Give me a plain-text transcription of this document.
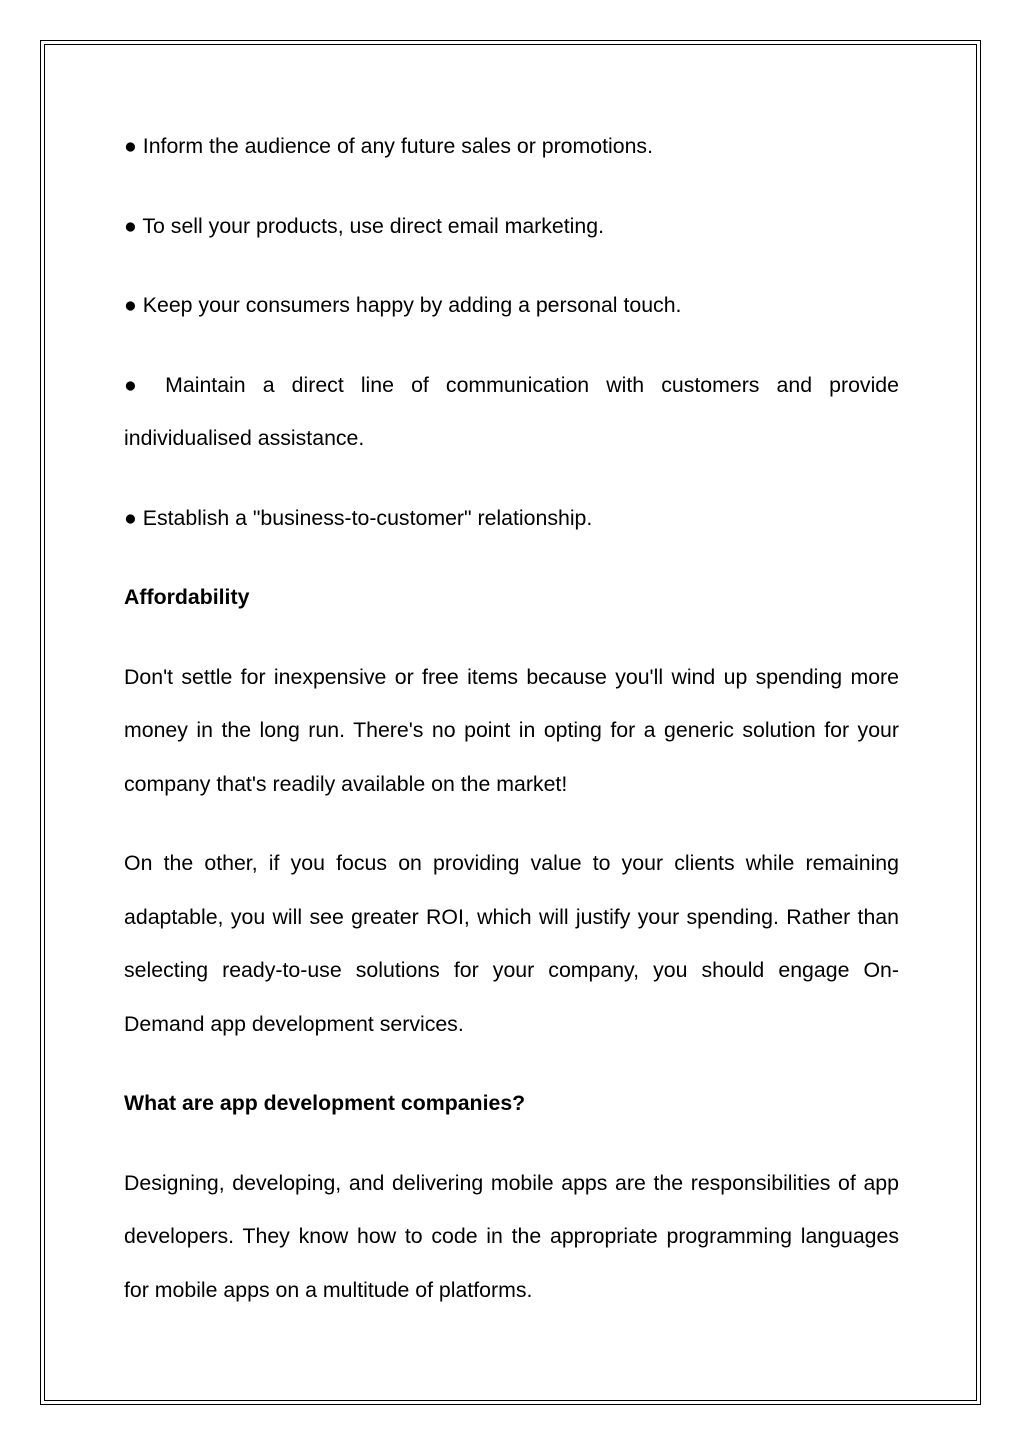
● Inform the audience of any future sales or promotions.

● To sell your products, use direct email marketing.

● Keep your consumers happy by adding a personal touch.

● Maintain a direct line of communication with customers and provide individualised assistance.

● Establish a "business-to-customer" relationship.

Affordability

Don't settle for inexpensive or free items because you'll wind up spending more money in the long run. There's no point in opting for a generic solution for your company that's readily available on the market!

On the other, if you focus on providing value to your clients while remaining adaptable, you will see greater ROI, which will justify your spending. Rather than selecting ready-to-use solutions for your company, you should engage On-Demand app development services.

What are app development companies?

Designing, developing, and delivering mobile apps are the responsibilities of app developers. They know how to code in the appropriate programming languages for mobile apps on a multitude of platforms.
